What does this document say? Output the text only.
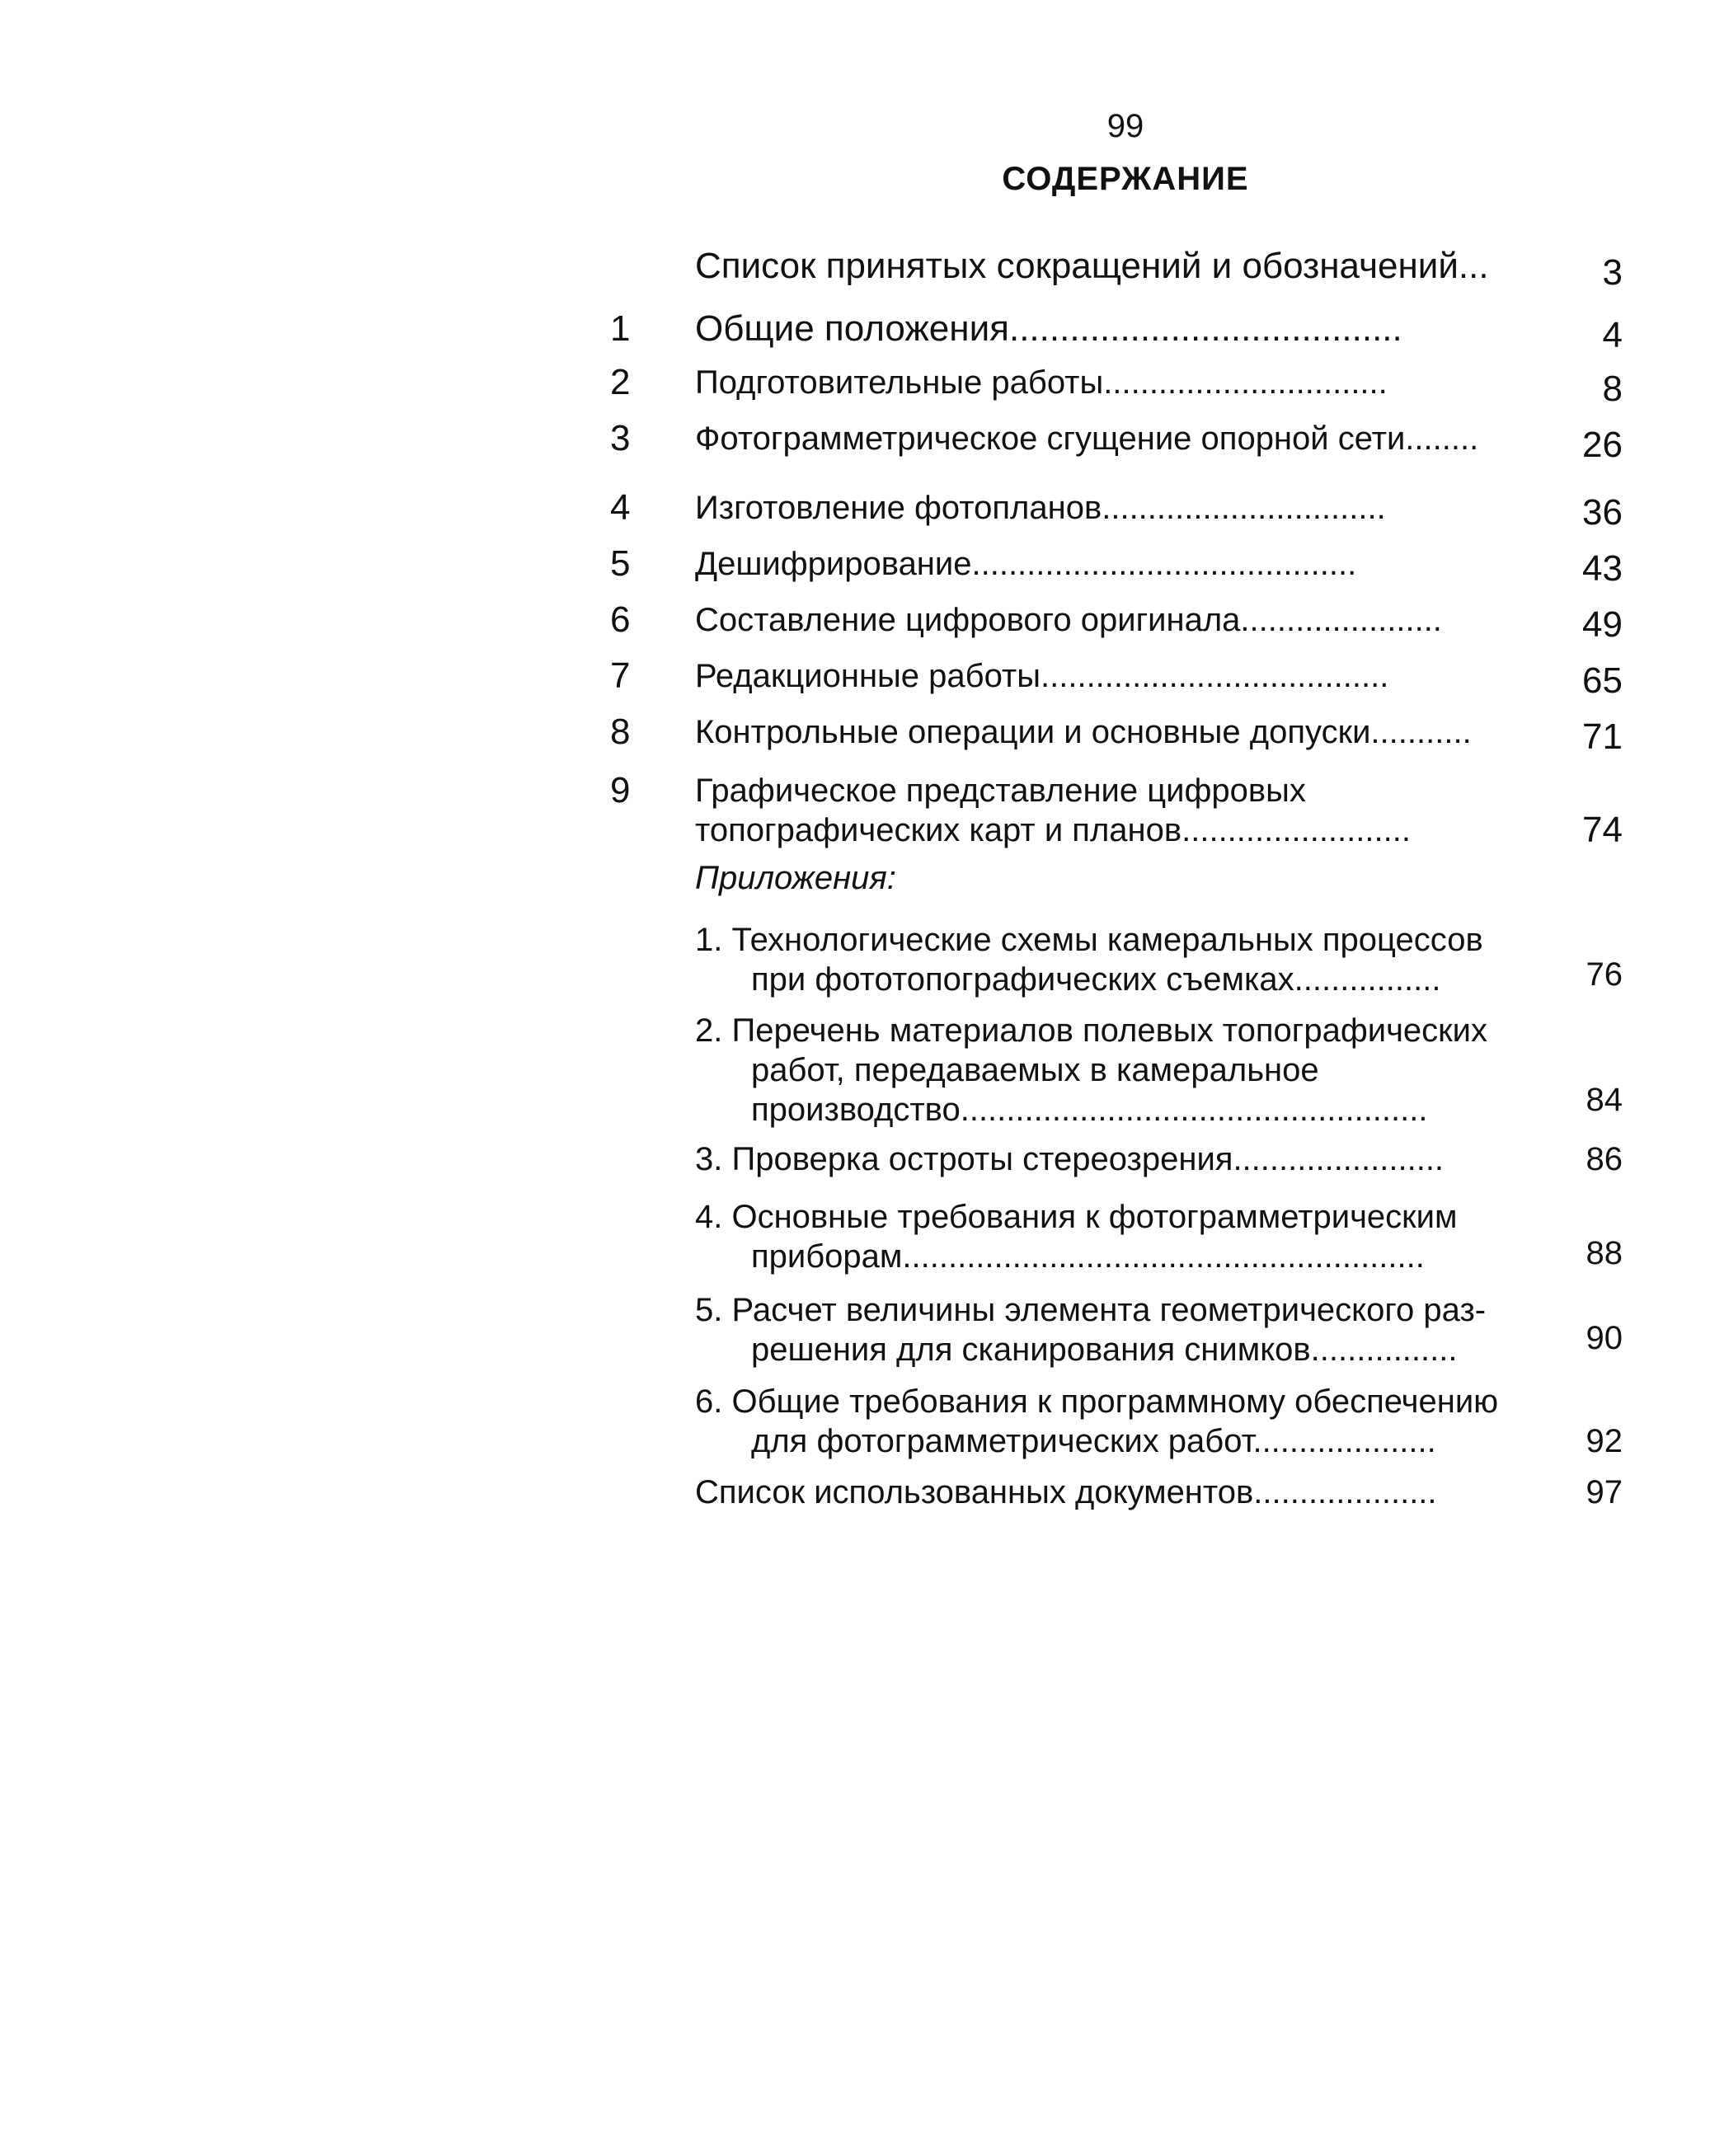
99
СОДЕРЖАНИЕ
Список принятых сокращений и обозначений...	3
1	Общие положения.......................................	4
2	Подготовительные работы...............................	8
3	Фотограмметрическое сгущение опорной сети........	26
4	Изготовление фотопланов...............................	36
5	Дешифрирование..........................................	43
6	Составление цифрового оригинала......................	49
7	Редакционные работы......................................	65
8	Контрольные операции и основные допуски...........	71
9	Графическое представление цифровых
топографических карт и планов.........................	74
Приложения:
1. Технологические схемы камеральных процессов
при фототопографических съемках................	76
2. Перечень материалов полевых топографических
работ, передаваемых в камеральное
производство...................................................	84
3. Проверка остроты стереозрения.......................	86
4. Основные требования к фотограмметрическим
приборам.........................................................	88
5. Расчет величины элемента геометрического раз-
решения для сканирования снимков................	90
6. Общие требования к программному обеспечению
для фотограмметрических работ....................	92
Список использованных документов....................	97
